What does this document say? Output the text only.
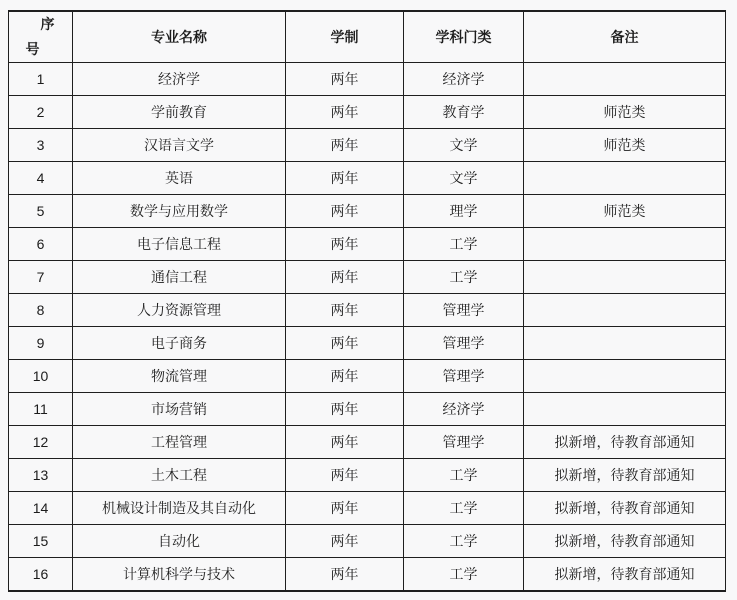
序号	专业名称	学制	学科门类	备注
1	经济学	两年	经济学	
2	学前教育	两年	教育学	师范类
3	汉语言文学	两年	文学	师范类
4	英语	两年	文学	
5	数学与应用数学	两年	理学	师范类
6	电子信息工程	两年	工学	
7	通信工程	两年	工学	
8	人力资源管理	两年	管理学	
9	电子商务	两年	管理学	
10	物流管理	两年	管理学	
11	市场营销	两年	经济学	
12	工程管理	两年	管理学	拟新增，待教育部通知
13	土木工程	两年	工学	拟新增，待教育部通知
14	机械设计制造及其自动化	两年	工学	拟新增，待教育部通知
15	自动化	两年	工学	拟新增，待教育部通知
16	计算机科学与技术	两年	工学	拟新增，待教育部通知
